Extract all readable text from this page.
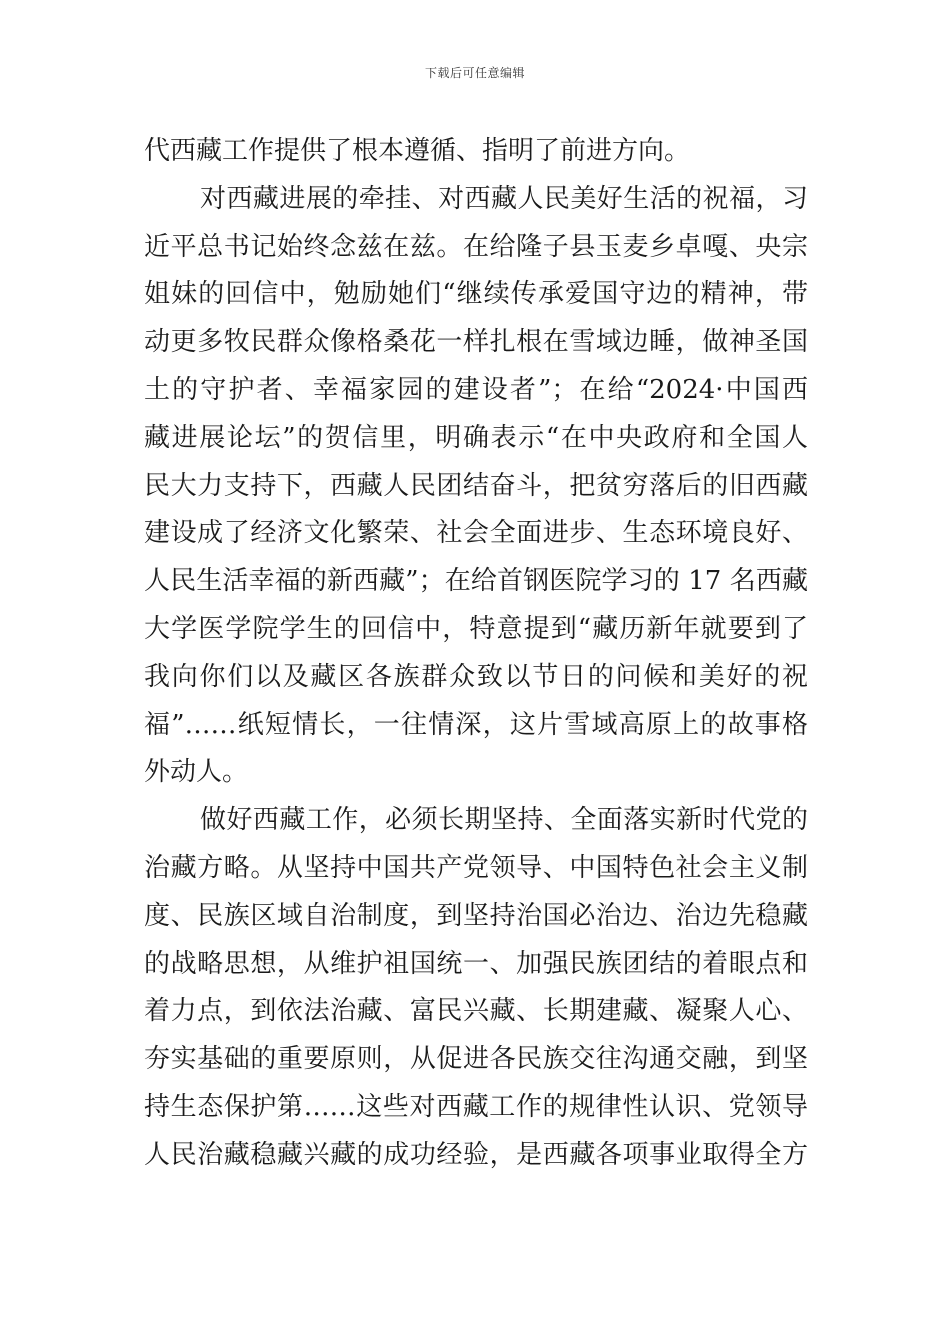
下载后可任意编辑
代西藏工作提供了根本遵循、指明了前进方向。
对西藏进展的牵挂、对西藏人民美好生活的祝福，习
近平总书记始终念兹在兹。在给隆子县玉麦乡卓嘎、央宗
姐妹的回信中，勉励她们“继续传承爱国守边的精神，带
动更多牧民群众像格桑花一样扎根在雪域边睡，做神圣国
土的守护者、幸福家园的建设者”；在给“2024·中国西
藏进展论坛”的贺信里，明确表示“在中央政府和全国人
民大力支持下，西藏人民团结奋斗，把贫穷落后的旧西藏
建设成了经济文化繁荣、社会全面进步、生态环境良好、
人民生活幸福的新西藏”；在给首钢医院学习的 17 名西藏
大学医学院学生的回信中，特意提到“藏历新年就要到了
我向你们以及藏区各族群众致以节日的问候和美好的祝
福”……纸短情长，一往情深，这片雪域高原上的故事格
外动人。
做好西藏工作，必须长期坚持、全面落实新时代党的
治藏方略。从坚持中国共产党领导、中国特色社会主义制
度、民族区域自治制度，到坚持治国必治边、治边先稳藏
的战略思想，从维护祖国统一、加强民族团结的着眼点和
着力点，到依法治藏、富民兴藏、长期建藏、凝聚人心、
夯实基础的重要原则，从促进各民族交往沟通交融，到坚
持生态保护第……这些对西藏工作的规律性认识、党领导
人民治藏稳藏兴藏的成功经验，是西藏各项事业取得全方
